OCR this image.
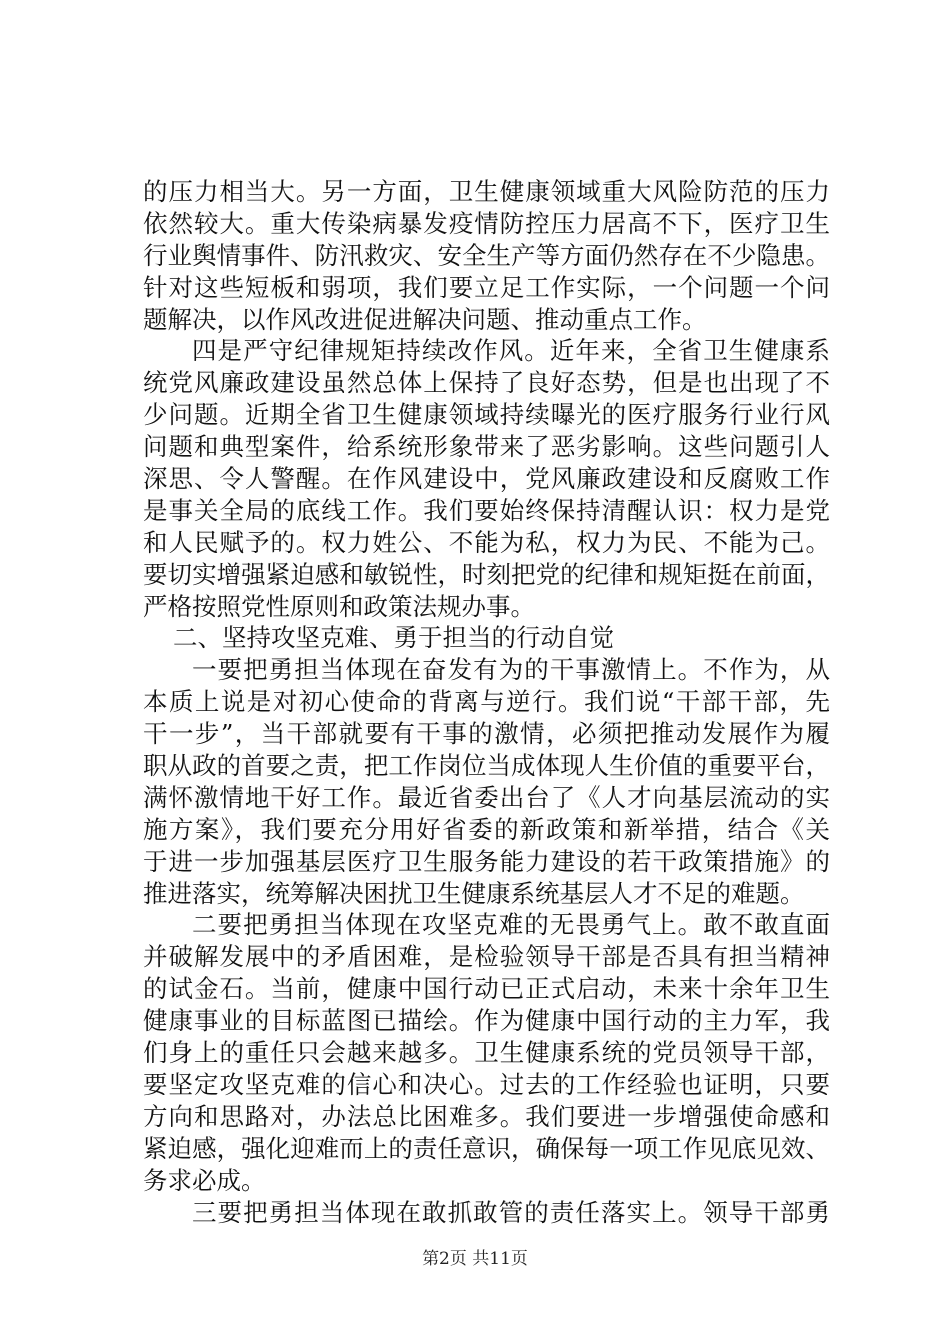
的压力相当大。另一方面，卫生健康领域重大风险防范的压力
依然较大。重大传染病暴发疫情防控压力居高不下，医疗卫生
行业舆情事件、防汛救灾、安全生产等方面仍然存在不少隐患。
针对这些短板和弱项，我们要立足工作实际，一个问题一个问
题解决，以作风改进促进解决问题、推动重点工作。
四是严守纪律规矩持续改作风。近年来，全省卫生健康系
统党风廉政建设虽然总体上保持了良好态势，但是也出现了不
少问题。近期全省卫生健康领域持续曝光的医疗服务行业行风
问题和典型案件，给系统形象带来了恶劣影响。这些问题引人
深思、令人警醒。在作风建设中，党风廉政建设和反腐败工作
是事关全局的底线工作。我们要始终保持清醒认识：权力是党
和人民赋予的。权力姓公、不能为私，权力为民、不能为己。
要切实增强紧迫感和敏锐性，时刻把党的纪律和规矩挺在前面，
严格按照党性原则和政策法规办事。
二、坚持攻坚克难、勇于担当的行动自觉
一要把勇担当体现在奋发有为的干事激情上。不作为，从
本质上说是对初心使命的背离与逆行。我们说“干部干部，先
干一步”，当干部就要有干事的激情，必须把推动发展作为履
职从政的首要之责，把工作岗位当成体现人生价值的重要平台，
满怀激情地干好工作。最近省委出台了《人才向基层流动的实
施方案》，我们要充分用好省委的新政策和新举措，结合《关
于进一步加强基层医疗卫生服务能力建设的若干政策措施》的
推进落实，统筹解决困扰卫生健康系统基层人才不足的难题。
二要把勇担当体现在攻坚克难的无畏勇气上。敢不敢直面
并破解发展中的矛盾困难，是检验领导干部是否具有担当精神
的试金石。当前，健康中国行动已正式启动，未来十余年卫生
健康事业的目标蓝图已描绘。作为健康中国行动的主力军，我
们身上的重任只会越来越多。卫生健康系统的党员领导干部，
要坚定攻坚克难的信心和决心。过去的工作经验也证明，只要
方向和思路对，办法总比困难多。我们要进一步增强使命感和
紧迫感，强化迎难而上的责任意识，确保每一项工作见底见效、
务求必成。
三要把勇担当体现在敢抓敢管的责任落实上。领导干部勇
第2页 共11页
